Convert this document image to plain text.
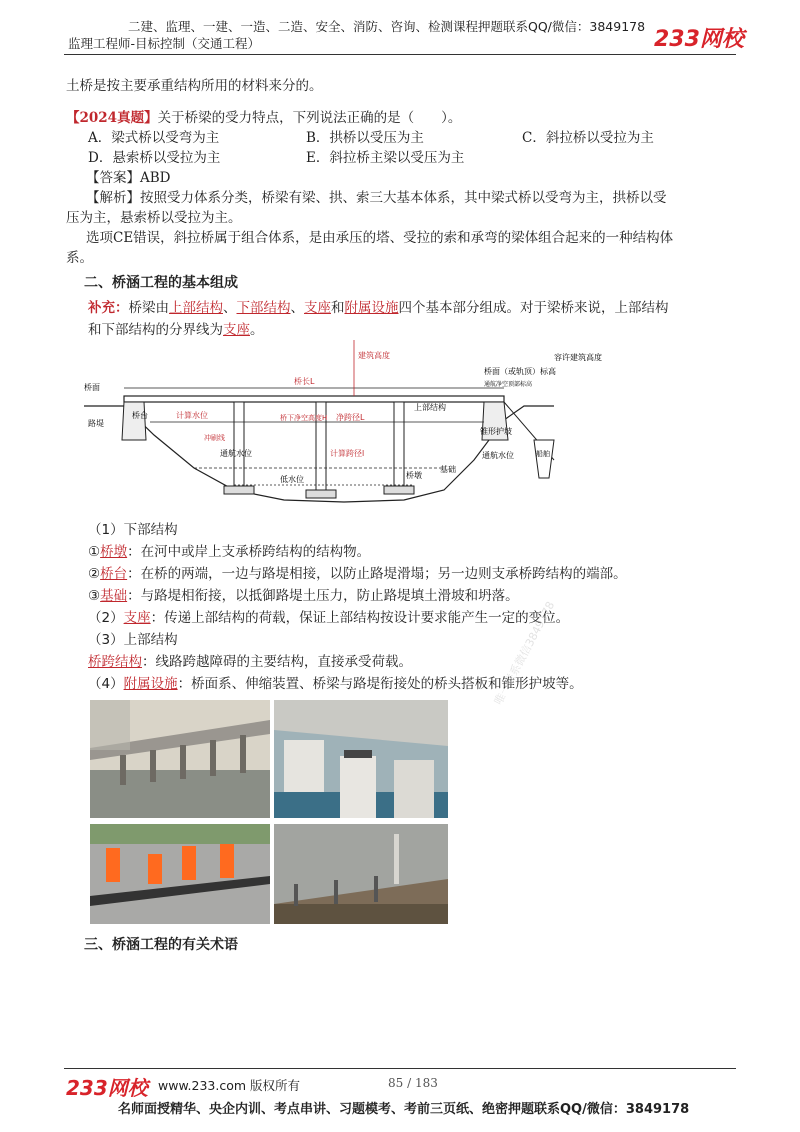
二建、监理、一建、一造、二造、安全、消防、咨询、检测课程押题联系QQ/微信：3849178
监理工程师-目标控制（交通工程）	233网校
土桥是按主要承重结构所用的材料来分的。
【2024真题】关于桥梁的受力特点，下列说法正确的是（　　）。
A．梁式桥以受弯为主	B．拱桥以受压为主	C．斜拉桥以受拉为主
D．悬索桥以受拉为主	E．斜拉桥主梁以受压为主
【答案】ABD
【解析】按照受力体系分类，桥梁有梁、拱、索三大基本体系，其中梁式桥以受弯为主，拱桥以受
压为主，悬索桥以受拉为主。
选项CE错误，斜拉桥属于组合体系，是由承压的塔、受拉的索和承弯的梁体组合起来的一种结构体
系。
二、桥涵工程的基本组成
补充：桥梁由上部结构、下部结构、支座和附属设施四个基本部分组成。对于梁桥来说，上部结构
和下部结构的分界线为支座。
桥面
桥长L
建筑高度
桥面（或轨顶）标高
容许建筑高度
通航净空顶部标高
上部结构
桥台
路堤
计算水位	桥下净空高度H 净跨径L
计算跨径l
通航水位	通航水位
低水位	桥墩
基础
锥形护坡
船舶
冲刷线
（1）下部结构
①桥墩：在河中或岸上支承桥跨结构的结构物。
②桥台：在桥的两端，一边与路堤相接，以防止路堤滑塌；另一边则支承桥跨结构的端部。
③基础：与路堤相衔接，以抵御路堤土压力，防止路堤填土滑坡和坍落。
（2）支座：传递上部结构的荷载，保证上部结构按设计要求能产生一定的变位。
（3）上部结构
桥跨结构：线路跨越障碍的主要结构，直接承受荷载。
（4）附属设施：桥面系、伸缩装置、桥梁与路堤衔接处的桥头搭板和锥形护坡等。
三、桥涵工程的有关术语
唯一联系微信3849178
233网校 www.233.com 版权所有	85 / 183
名师面授精华、央企内训、考点串讲、习题模考、考前三页纸、绝密押题联系QQ/微信：3849178
